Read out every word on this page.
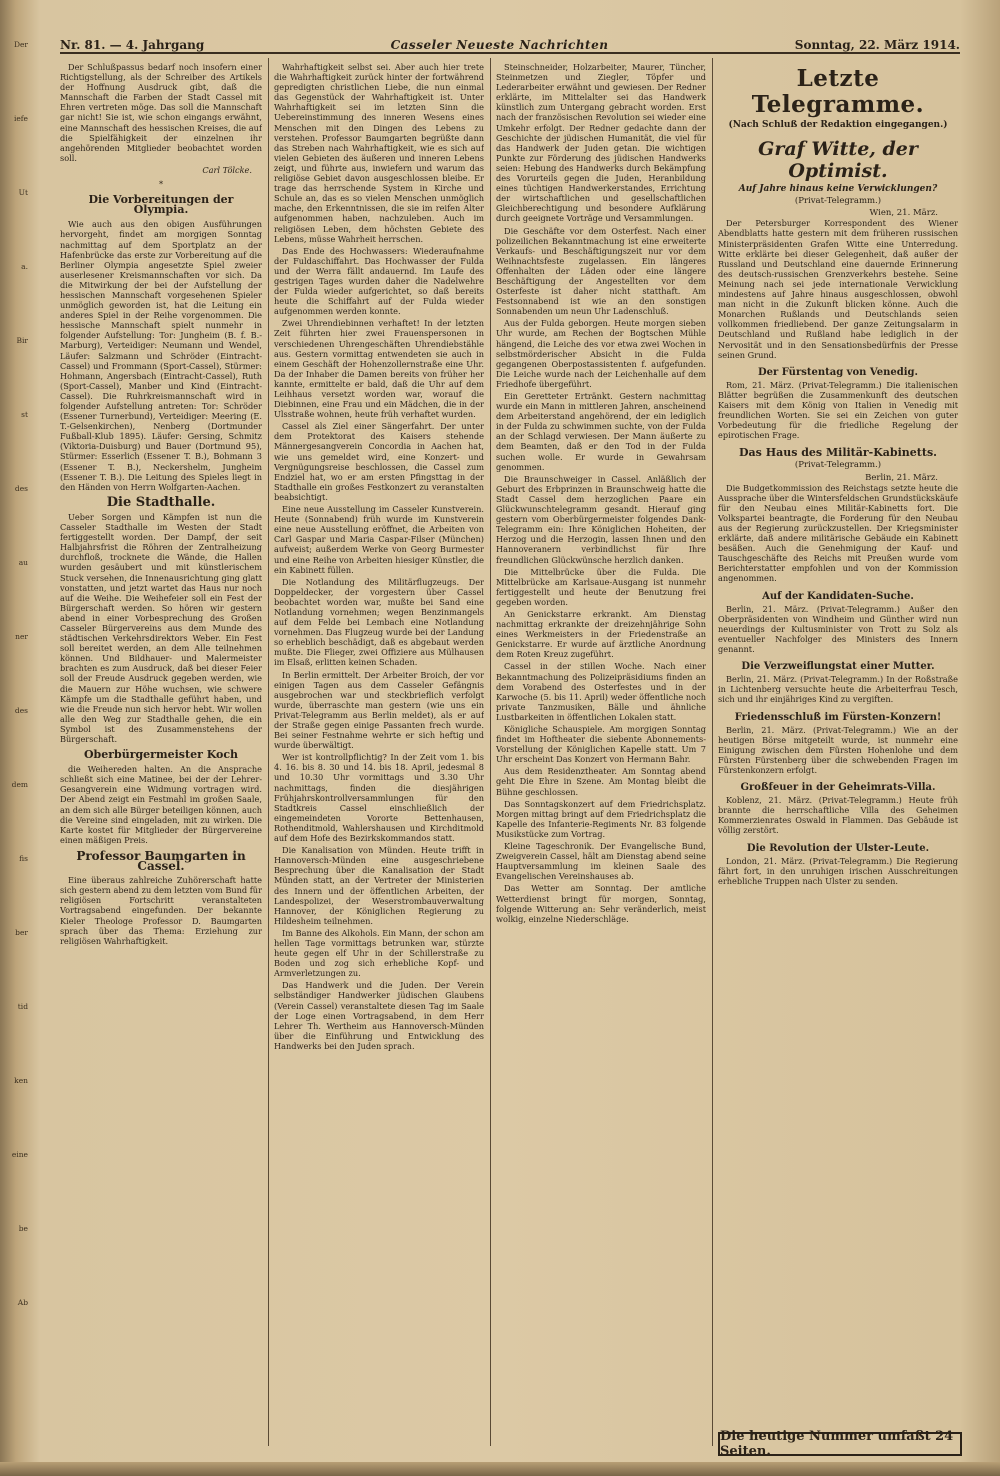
Der
iefe
Ut
a.
Bir
st
des
au
ner
des
dem
fis
ber
tid
ken
eine
be
Ab
Nr. 81. — 4. Jahrgang	Casseler Neueste Nachrichten	Sonntag, 22. März 1914.

Der Schlußpassus bedarf noch insofern einer Richtigstellung, als der Schreiber des Artikels der Hoffnung Ausdruck gibt, daß die Mannschaft die Farben der Stadt Cassel mit Ehren vertreten möge. Das soll die Mannschaft gar nicht! Sie ist, wie schon eingangs erwähnt, eine Mannschaft des hessischen Kreises, die auf die Spielfähigkeit der einzelnen ihr angehörenden Mitglieder beobachtet worden soll.

Carl Tölcke.
*
Die Vorbereitungen der Olympia.

Wie auch aus den obigen Ausführungen hervorgeht, findet am morgigen Sonntag nachmittag auf dem Sportplatz an der Hafenbrücke das erste zur Vorbereitung auf die Berliner Olympia angesetzte Spiel zweier auserlesener Kreismannschaften vor sich. Da die Mitwirkung der bei der Aufstellung der hessischen Mannschaft vorgesehenen Spieler unmöglich geworden ist, hat die Leitung ein anderes Spiel in der Reihe vorgenommen. Die hessische Mannschaft spielt nunmehr in folgender Aufstellung: Tor: Jungheim (B. f. B.-Marburg), Verteidiger: Neumann und Wendel, Läufer: Salzmann und Schröder (Eintracht-Cassel) und Frommann (Sport-Cassel), Stürmer: Hohmann, Angersbach (Eintracht-Cassel), Ruth (Sport-Cassel), Manber und Kind (Eintracht-Cassel). Die Ruhrkreismannschaft wird in folgender Aufstellung antreten: Tor: Schröder (Essener Turnerbund), Verteidiger: Meering (E. T.-Gelsenkirchen), Nenberg (Dortmunder Fußball-Klub 1895). Läufer: Gersing, Schmitz (Viktoria-Duisburg) und Bauer (Dortmund 95), Stürmer: Esserlich (Essener T. B.), Bohmann 3 (Essener T. B.), Neckershelm, Jungheim (Essener T. B.). Die Leitung des Spieles liegt in den Händen von Herrn Wolfgarten-Aachen.

Die Stadthalle.

Ueber Sorgen und Kämpfen ist nun die Casseler Stadthalle im Westen der Stadt fertiggestellt worden. Der Dampf, der seit Halbjahrsfrist die Röhren der Zentralheizung durchfloß, trocknete die Wände, die Hallen wurden gesäubert und mit künstlerischem Stuck versehen, die Innenausrichtung ging glatt vonstatten, und jetzt wartet das Haus nur noch auf die Weihe. Die Weihefeier soll ein Fest der Bürgerschaft werden. So hören wir gestern abend in einer Vorbesprechung des Großen Casseler Bürgervereins aus dem Munde des städtischen Verkehrsdirektors Weber. Ein Fest soll bereitet werden, an dem Alle teilnehmen können. Und Bildhauer- und Malermeister brachten es zum Ausdruck, daß bei dieser Feier soll der Freude Ausdruck gegeben werden, wie die Mauern zur Höhe wuchsen, wie schwere Kämpfe um die Stadthalle geführt haben, und wie die Freude nun sich hervor hebt. Wir wollen alle den Weg zur Stadthalle gehen, die ein Symbol ist des Zusammenstehens der Bürgerschaft.

Oberbürgermeister Koch

die Weihereden halten. An die Ansprache schließt sich eine Matinee, bei der der Lehrer-Gesangverein eine Widmung vortragen wird. Der Abend zeigt ein Festmahl im großen Saale, an dem sich alle Bürger beteiligen können, auch die Vereine sind eingeladen, mit zu wirken. Die Karte kostet für Mitglieder der Bürgervereine einen mäßigen Preis.

Professor Baumgarten in Cassel.

Eine überaus zahlreiche Zuhörerschaft hatte sich gestern abend zu dem letzten vom Bund für religiösen Fortschritt veranstalteten Vortragsabend eingefunden. Der bekannte Kieler Theologe Professor D. Baumgarten sprach über das Thema: Erziehung zur religiösen Wahrhaftigkeit.

Wahrhaftigkeit selbst sei. Aber auch hier trete die Wahrhaftigkeit zurück hinter der fortwährend gepredigten christlichen Liebe, die nun einmal das Gegenstück der Wahrhaftigkeit ist. Unter Wahrhaftigkeit sei im letzten Sinn die Uebereinstimmung des inneren Wesens eines Menschen mit den Dingen des Lebens zu verstehen. Professor Baumgarten begrüßte dann das Streben nach Wahrhaftigkeit, wie es sich auf vielen Gebieten des äußeren und inneren Lebens zeigt, und führte aus, inwiefern und warum das religiöse Gebiet davon ausgeschlossen bleibe. Er trage das herrschende System in Kirche und Schule an, das es so vielen Menschen unmöglich mache, den Erkenntnissen, die sie im reifen Alter aufgenommen haben, nachzuleben. Auch im religiösen Leben, dem höchsten Gebiete des Lebens, müsse Wahrheit herrschen.

Das Ende des Hochwassers: Wiederaufnahme der Fuldaschiffahrt. Das Hochwasser der Fulda und der Werra fällt andauernd. Im Laufe des gestrigen Tages wurden daher die Nadelwehre der Fulda wieder aufgerichtet, so daß bereits heute die Schiffahrt auf der Fulda wieder aufgenommen werden konnte.

Zwei Uhrendiebinnen verhaftet! In der letzten Zeit führten hier zwei Frauenspersonen in verschiedenen Uhrengeschäften Uhrendiebstähle aus. Gestern vormittag entwendeten sie auch in einem Geschäft der Hohenzollernstraße eine Uhr. Da der Inhaber die Damen bereits von früher her kannte, ermittelte er bald, daß die Uhr auf dem Leihhaus versetzt worden war, worauf die Diebinnen, eine Frau und ein Mädchen, die in der Ulsstraße wohnen, heute früh verhaftet wurden.

Cassel als Ziel einer Sängerfahrt. Der unter dem Protektorat des Kaisers stehende Männergesangverein Concordia in Aachen hat, wie uns gemeldet wird, eine Konzert- und Vergnügungsreise beschlossen, die Cassel zum Endziel hat, wo er am ersten Pfingsttag in der Stadthalle ein großes Festkonzert zu veranstalten beabsichtigt.

Eine neue Ausstellung im Casseler Kunstverein. Heute (Sonnabend) früh wurde im Kunstverein eine neue Ausstellung eröffnet, die Arbeiten von Carl Gaspar und Maria Caspar-Filser (München) aufweist; außerdem Werke von Georg Burmester und eine Reihe von Arbeiten hiesiger Künstler, die ein Kabinett füllen.

Die Notlandung des Militärflugzeugs. Der Doppeldecker, der vorgestern über Cassel beobachtet worden war, mußte bei Sand eine Notlandung vornehmen; wegen Benzinmangels auf dem Felde bei Lembach eine Notlandung vornehmen. Das Flugzeug wurde bei der Landung so erheblich beschädigt, daß es abgebaut werden mußte. Die Flieger, zwei Offiziere aus Mülhausen im Elsaß, erlitten keinen Schaden.

In Berlin ermittelt. Der Arbeiter Broich, der vor einigen Tagen aus dem Casseler Gefängnis ausgebrochen war und steckbrieflich verfolgt wurde, überraschte man gestern (wie uns ein Privat-Telegramm aus Berlin meldet), als er auf der Straße gegen einige Passanten frech wurde. Bei seiner Festnahme wehrte er sich heftig und wurde überwältigt.

Wer ist kontrollpflichtig? In der Zeit vom 1. bis 4. 16. bis 8. 30 und 14. bis 18. April, jedesmal 8 und 10.30 Uhr vormittags und 3.30 Uhr nachmittags, finden die diesjährigen Frühjahrskontrollversammlungen für den Stadtkreis Cassel einschließlich der eingemeindeten Vororte Bettenhausen, Rothenditmold, Wahlershausen und Kirchditmold auf dem Hofe des Bezirkskommandos statt.

Die Kanalisation von Münden. Heute trifft in Hannoversch-Münden eine ausgeschriebene Besprechung über die Kanalisation der Stadt Münden statt, an der Vertreter der Ministerien des Innern und der öffentlichen Arbeiten, der Landespolizei, der Weserstrombauverwaltung Hannover, der Königlichen Regierung zu Hildesheim teilnehmen.

Im Banne des Alkohols. Ein Mann, der schon am hellen Tage vormittags betrunken war, stürzte heute gegen elf Uhr in der Schillerstraße zu Boden und zog sich erhebliche Kopf- und Armverletzungen zu.

Das Handwerk und die Juden. Der Verein selbständiger Handwerker jüdischen Glaubens (Verein Cassel) veranstaltete diesen Tag im Saale der Loge einen Vortragsabend, in dem Herr Lehrer Th. Wertheim aus Hannoversch-Münden über die Einführung und Entwicklung des Handwerks bei den Juden sprach.

Steinschneider, Holzarbeiter, Maurer, Tüncher, Steinmetzen und Ziegler, Töpfer und Lederarbeiter erwähnt und gewiesen. Der Redner erklärte, im Mittelalter sei das Handwerk künstlich zum Untergang gebracht worden. Erst nach der französischen Revolution sei wieder eine Umkehr erfolgt. Der Redner gedachte dann der Geschichte der jüdischen Humanität, die viel für das Handwerk der Juden getan. Die wichtigen Punkte zur Förderung des jüdischen Handwerks seien: Hebung des Handwerks durch Bekämpfung des Vorurteils gegen die Juden, Heranbildung eines tüchtigen Handwerkerstandes, Errichtung der wirtschaftlichen und gesellschaftlichen Gleichberechtigung und besondere Aufklärung durch geeignete Vorträge und Versammlungen.

Die Geschäfte vor dem Osterfest. Nach einer polizeilichen Bekanntmachung ist eine erweiterte Verkaufs- und Beschäftigungszeit nur vor dem Weihnachtsfeste zugelassen. Ein längeres Offenhalten der Läden oder eine längere Beschäftigung der Angestellten vor dem Osterfeste ist daher nicht statthaft. Am Festsonnabend ist wie an den sonstigen Sonnabenden um neun Uhr Ladenschluß.

Aus der Fulda geborgen. Heute morgen sieben Uhr wurde, am Rechen der Bogtschen Mühle hängend, die Leiche des vor etwa zwei Wochen in selbstmörderischer Absicht in die Fulda gegangenen Oberpostassistenten f. aufgefunden. Die Leiche wurde nach der Leichenhalle auf dem Friedhofe übergeführt.

Ein Geretteter Ertränkt. Gestern nachmittag wurde ein Mann in mittleren Jahren, anscheinend dem Arbeiterstand angehörend, der ein lediglich in der Fulda zu schwimmen suchte, von der Fulda an der Schlagd verwiesen. Der Mann äußerte zu dem Beamten, daß er den Tod in der Fulda suchen wolle. Er wurde in Gewahrsam genommen.

Die Braunschweiger in Cassel. Anläßlich der Geburt des Erbprinzen in Braunschweig hatte die Stadt Cassel dem herzoglichen Paare ein Glückwunschtelegramm gesandt. Hierauf ging gestern vom Oberbürgermeister folgendes Dank-Telegramm ein: Ihre Königlichen Hoheiten, der Herzog und die Herzogin, lassen Ihnen und den Hannoveranern verbindlichst für Ihre freundlichen Glückwünsche herzlich danken.

Die Mittelbrücke über die Fulda. Die Mittelbrücke am Karlsaue-Ausgang ist nunmehr fertiggestellt und heute der Benutzung frei gegeben worden.

An Genickstarre erkrankt. Am Dienstag nachmittag erkrankte der dreizehnjährige Sohn eines Werkmeisters in der Friedenstraße an Genickstarre. Er wurde auf ärztliche Anordnung dem Roten Kreuz zugeführt.

Cassel in der stillen Woche. Nach einer Bekanntmachung des Polizeipräsidiums finden an dem Vorabend des Osterfestes und in der Karwoche (5. bis 11. April) weder öffentliche noch private Tanzmusiken, Bälle und ähnliche Lustbarkeiten in öffentlichen Lokalen statt.

Königliche Schauspiele. Am morgigen Sonntag findet im Hoftheater die siebente Abonnements-Vorstellung der Königlichen Kapelle statt. Um 7 Uhr erscheint Das Konzert von Hermann Bahr.

Aus dem Residenztheater. Am Sonntag abend geht Die Ehre in Szene. Am Montag bleibt die Bühne geschlossen.

Das Sonntagskonzert auf dem Friedrichsplatz. Morgen mittag bringt auf dem Friedrichsplatz die Kapelle des Infanterie-Regiments Nr. 83 folgende Musikstücke zum Vortrag.

Kleine Tageschronik. Der Evangelische Bund, Zweigverein Cassel, hält am Dienstag abend seine Hauptversammlung im kleinen Saale des Evangelischen Vereinshauses ab.

Das Wetter am Sonntag. Der amtliche Wetterdienst bringt für morgen, Sonntag, folgende Witterung an: Sehr veränderlich, meist wolkig, einzelne Niederschläge.

Letzte Telegramme.
(Nach Schluß der Redaktion eingegangen.)
Graf Witte, der Optimist.
Auf Jahre hinaus keine Verwicklungen?
(Privat-Telegramm.)
Wien, 21. März.

Der Petersburger Korrespondent des Wiener Abendblatts hatte gestern mit dem früheren russischen Ministerpräsidenten Grafen Witte eine Unterredung. Witte erklärte bei dieser Gelegenheit, daß außer der Russland und Deutschland eine dauernde Erinnerung des deutsch-russischen Grenzverkehrs bestehe. Seine Meinung nach sei jede internationale Verwicklung mindestens auf Jahre hinaus ausgeschlossen, obwohl man nicht in die Zukunft blicken könne. Auch die Monarchen Rußlands und Deutschlands seien vollkommen friedliebend. Der ganze Zeitungsalarm in Deutschland und Rußland habe lediglich in der Nervosität und in den Sensationsbedürfnis der Presse seinen Grund.

Der Fürstentag von Venedig.

Rom, 21. März. (Privat-Telegramm.) Die italienischen Blätter begrüßen die Zusammenkunft des deutschen Kaisers mit dem König von Italien in Venedig mit freundlichen Worten. Sie sei ein Zeichen von guter Vorbedeutung für die friedliche Regelung der epirotischen Frage.

Das Haus des Militär-Kabinetts.
(Privat-Telegramm.)
Berlin, 21. März.

Die Budgetkommission des Reichstags setzte heute die Aussprache über die Wintersfeldschen Grundstückskäufe für den Neubau eines Militär-Kabinetts fort. Die Volkspartei beantragte, die Forderung für den Neubau aus der Regierung zurückzustellen. Der Kriegsminister erklärte, daß andere militärische Gebäude ein Kabinett besäßen. Auch die Genehmigung der Kauf- und Tauschgeschäfte des Reichs mit Preußen wurde vom Berichterstatter empfohlen und von der Kommission angenommen.

Auf der Kandidaten-Suche.

Berlin, 21. März. (Privat-Telegramm.) Außer den Oberpräsidenten von Windheim und Günther wird nun neuerdings der Kultusminister von Trott zu Solz als eventueller Nachfolger des Ministers des Innern genannt.

Die Verzweiflungstat einer Mutter.

Berlin, 21. März. (Privat-Telegramm.) In der Roßstraße in Lichtenberg versuchte heute die Arbeiterfrau Tesch, sich und ihr einjähriges Kind zu vergiften.

Friedensschluß im Fürsten-Konzern!

Berlin, 21. März. (Privat-Telegramm.) Wie an der heutigen Börse mitgeteilt wurde, ist nunmehr eine Einigung zwischen dem Fürsten Hohenlohe und dem Fürsten Fürstenberg über die schwebenden Fragen im Fürstenkonzern erfolgt.

Großfeuer in der Geheimrats-Villa.

Koblenz, 21. März. (Privat-Telegramm.) Heute früh brannte die herrschaftliche Villa des Geheimen Kommerzienrates Oswald in Flammen. Das Gebäude ist völlig zerstört.

Die Revolution der Ulster-Leute.

London, 21. März. (Privat-Telegramm.) Die Regierung fährt fort, in den unruhigen irischen Ausschreitungen erhebliche Truppen nach Ulster zu senden.

Die heutige Nummer umfaßt 24 Seiten.
